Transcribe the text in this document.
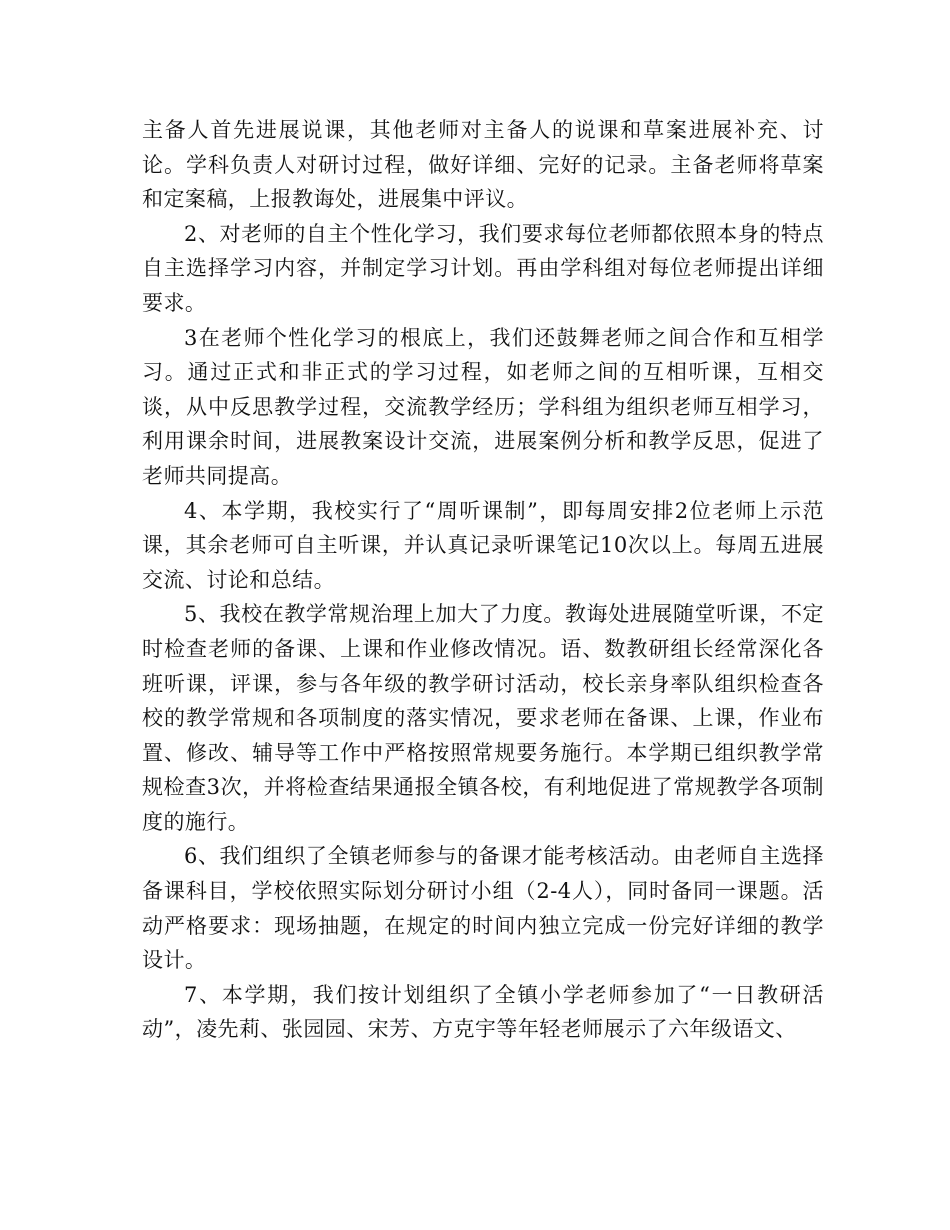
主备人首先进展说课，其他老师对主备人的说课和草案进展补充、讨论。学科负责人对研讨过程，做好详细、完好的记录。主备老师将草案和定案稿，上报教诲处，进展集中评议。

2、对老师的自主个性化学习，我们要求每位老师都依照本身的特点自主选择学习内容，并制定学习计划。再由学科组对每位老师提出详细要求。

3在老师个性化学习的根底上，我们还鼓舞老师之间合作和互相学习。通过正式和非正式的学习过程，如老师之间的互相听课，互相交谈，从中反思教学过程，交流教学经历；学科组为组织老师互相学习，利用课余时间，进展教案设计交流，进展案例分析和教学反思，促进了老师共同提高。

4、本学期，我校实行了“周听课制”，即每周安排2位老师上示范课，其余老师可自主听课，并认真记录听课笔记10次以上。每周五进展交流、讨论和总结。

5、我校在教学常规治理上加大了力度。教诲处进展随堂听课，不定时检查老师的备课、上课和作业修改情况。语、数教研组长经常深化各班听课，评课，参与各年级的教学研讨活动，校长亲身率队组织检查各校的教学常规和各项制度的落实情况，要求老师在备课、上课，作业布置、修改、辅导等工作中严格按照常规要务施行。本学期已组织教学常规检查3次，并将检查结果通报全镇各校，有利地促进了常规教学各项制度的施行。

6、我们组织了全镇老师参与的备课才能考核活动。由老师自主选择备课科目，学校依照实际划分研讨小组（2-4人），同时备同一课题。活动严格要求：现场抽题，在规定的时间内独立完成一份完好详细的教学设计。

7、本学期，我们按计划组织了全镇小学老师参加了“一日教研活动”，凌先莉、张园园、宋芳、方克宇等年轻老师展示了六年级语文、
